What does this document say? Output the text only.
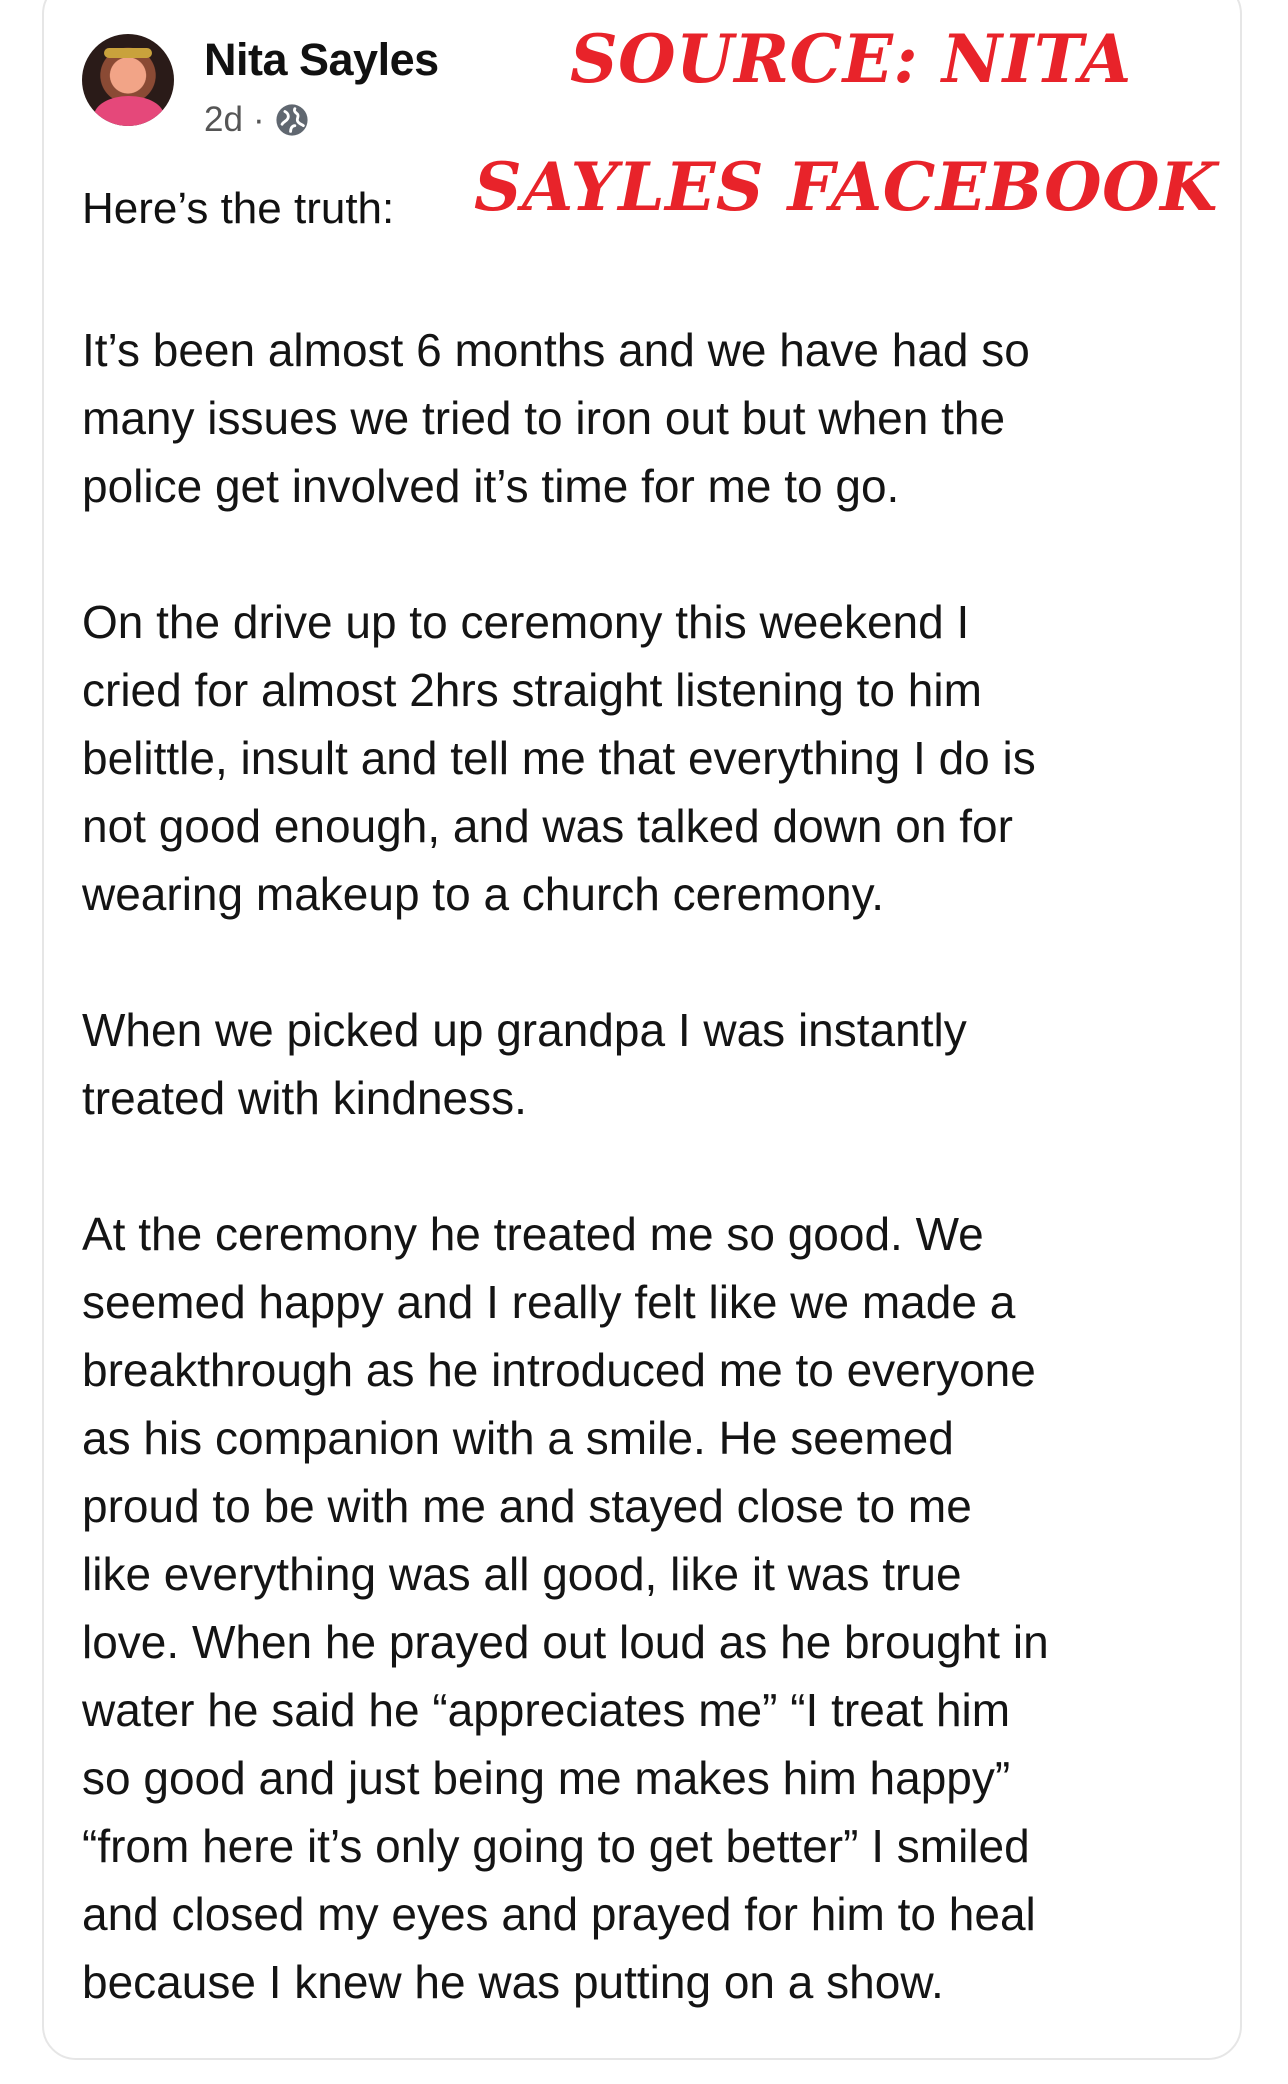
Nita Sayles
2d ·
SOURCE: NITA
SAYLES FACEBOOK
Here’s the truth:

It’s been almost 6 months and we have had so
many issues we tried to iron out but when the
police get involved it’s time for me to go.

On the drive up to ceremony this weekend I
cried for almost 2hrs straight listening to him
belittle, insult and tell me that everything I do is
not good enough, and was talked down on for
wearing makeup to a church ceremony.

When we picked up grandpa I was instantly
treated with kindness.

At the ceremony he treated me so good. We
seemed happy and I really felt like we made a
breakthrough as he introduced me to everyone
as his companion with a smile. He seemed
proud to be with me and stayed close to me
like everything was all good, like it was true
love. When he prayed out loud as he brought in
water he said he “appreciates me” “I treat him
so good and just being me makes him happy”
“from here it’s only going to get better” I smiled
and closed my eyes and prayed for him to heal
because I knew he was putting on a show.
